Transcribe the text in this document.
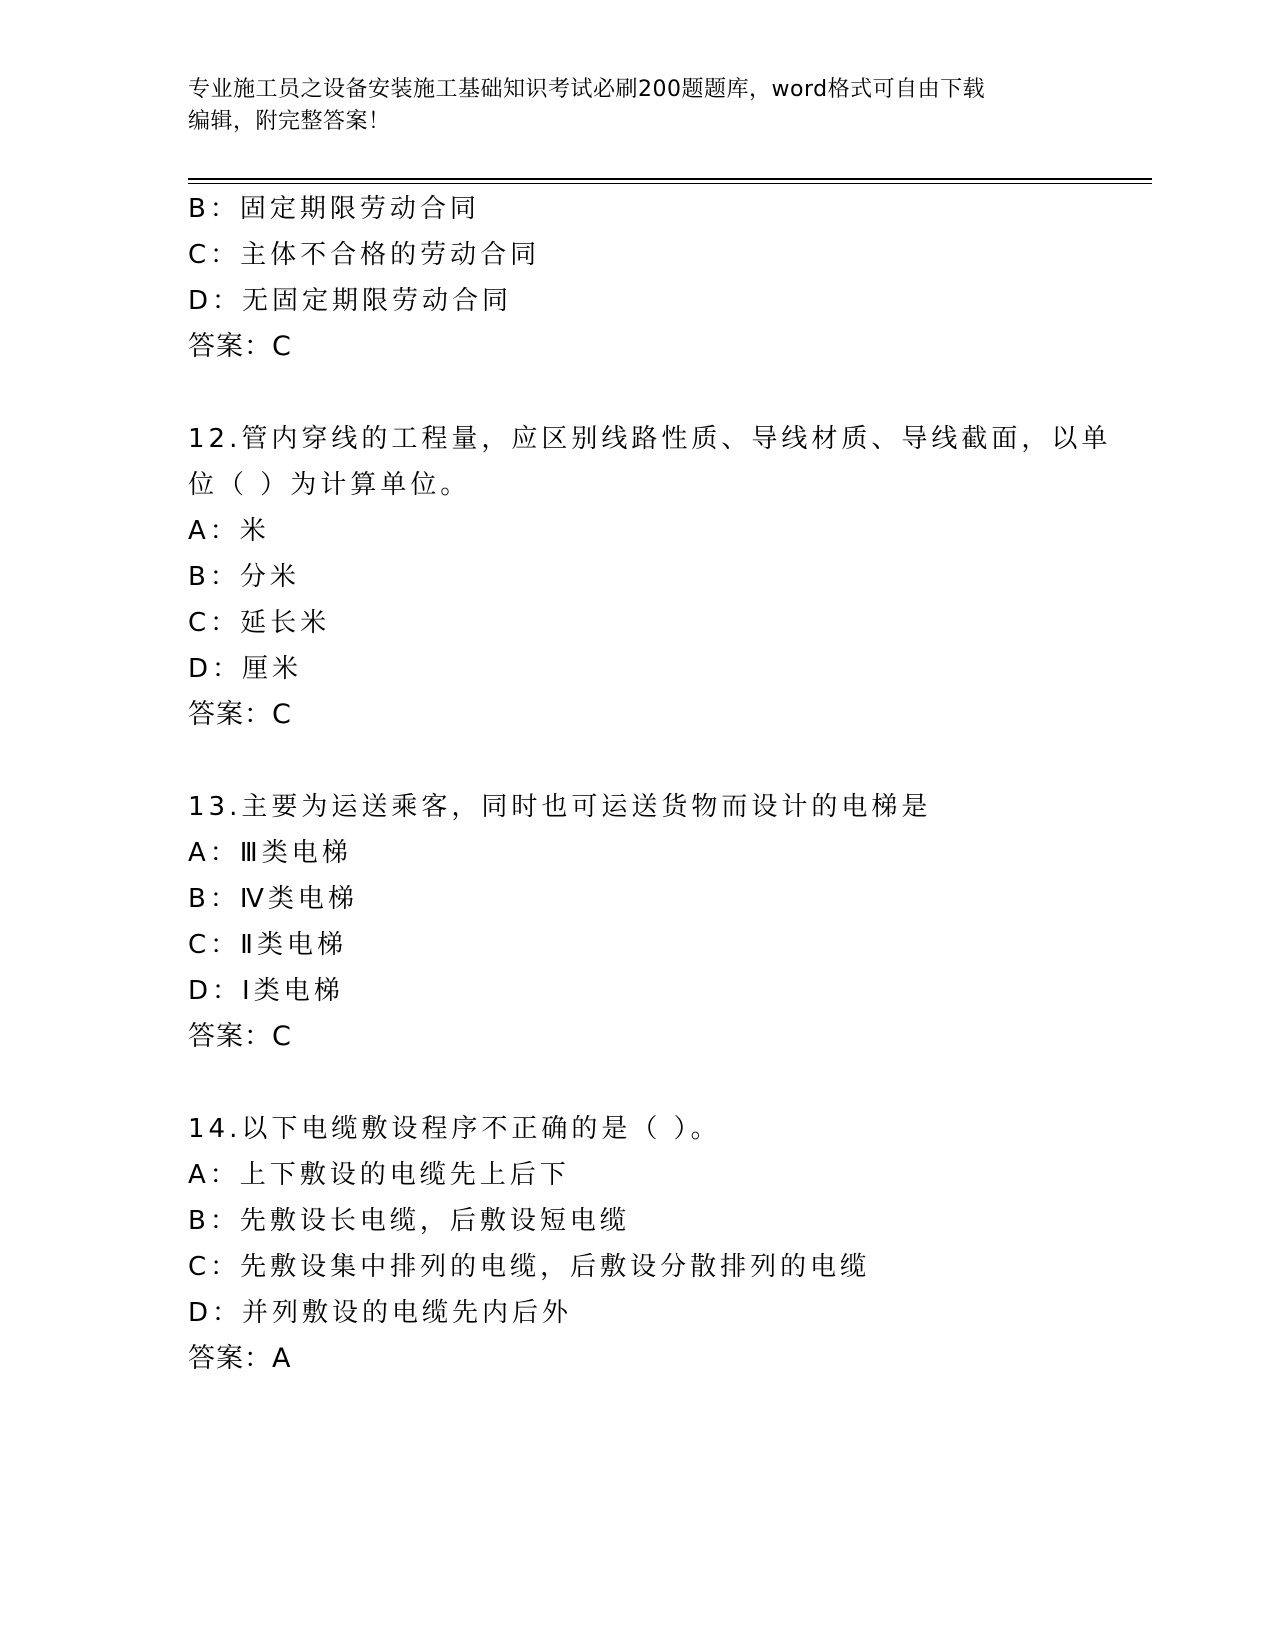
专业施工员之设备安装施工基础知识考试必刷200题题库，word格式可自由下载
编辑，附完整答案！
B：固定期限劳动合同
C：主体不合格的劳动合同
D：无固定期限劳动合同
答案：C
12.管内穿线的工程量，应区别线路性质、导线材质、导线截面，以单
位（ ）为计算单位。
A：米
B：分米
C：延长米
D：厘米
答案：C
13.主要为运送乘客，同时也可运送货物而设计的电梯是
A：Ⅲ类电梯
B：Ⅳ类电梯
C：Ⅱ类电梯
D：Ⅰ类电梯
答案：C
14.以下电缆敷设程序不正确的是（ ）。
A：上下敷设的电缆先上后下
B：先敷设长电缆，后敷设短电缆
C：先敷设集中排列的电缆，后敷设分散排列的电缆
D：并列敷设的电缆先内后外
答案：A
